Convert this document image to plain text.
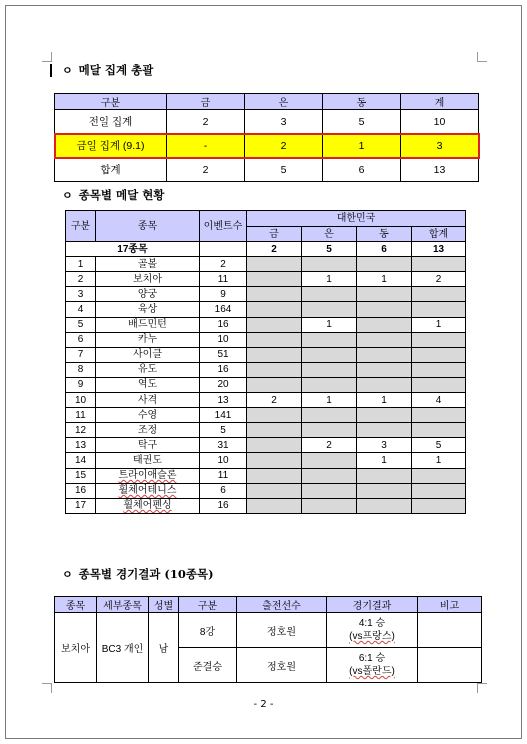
ㅇ 메달 집계 총괄
구분	금	은	동	계
전일 집계	2	3	5	10
금일 집계 (9.1)	-	2	1	3
합계	2	5	6	13
ㅇ 종목별 메달 현황
구분	종목	이벤트수	대한민국			
			금	은	동	합계
17종목			2	5	6	13
1	골볼	2				
2	보치아	11		1	1	2
3	양궁	9				
4	육상	164				
5	배드민턴	16		1		1
6	카누	10				
7	사이클	51				
8	유도	16				
9	역도	20				
10	사격	13	2	1	1	4
11	수영	141				
12	조정	5				
13	탁구	31		2	3	5
14	태권도	10			1	1
15	트라이애슬론	11				
16	휠체어테니스	6				
17	휠체어펜싱	16				
ㅇ 종목별 경기결과 (10종목)
종목	세부종목	성별	구분	출전선수	경기결과	비고
보치아	BC3 개인	남	8강	정호원	4:1 승
(vs프랑스)	

			준결승	정호원	6:1 승
(vs폴란드)	

- 2 -
